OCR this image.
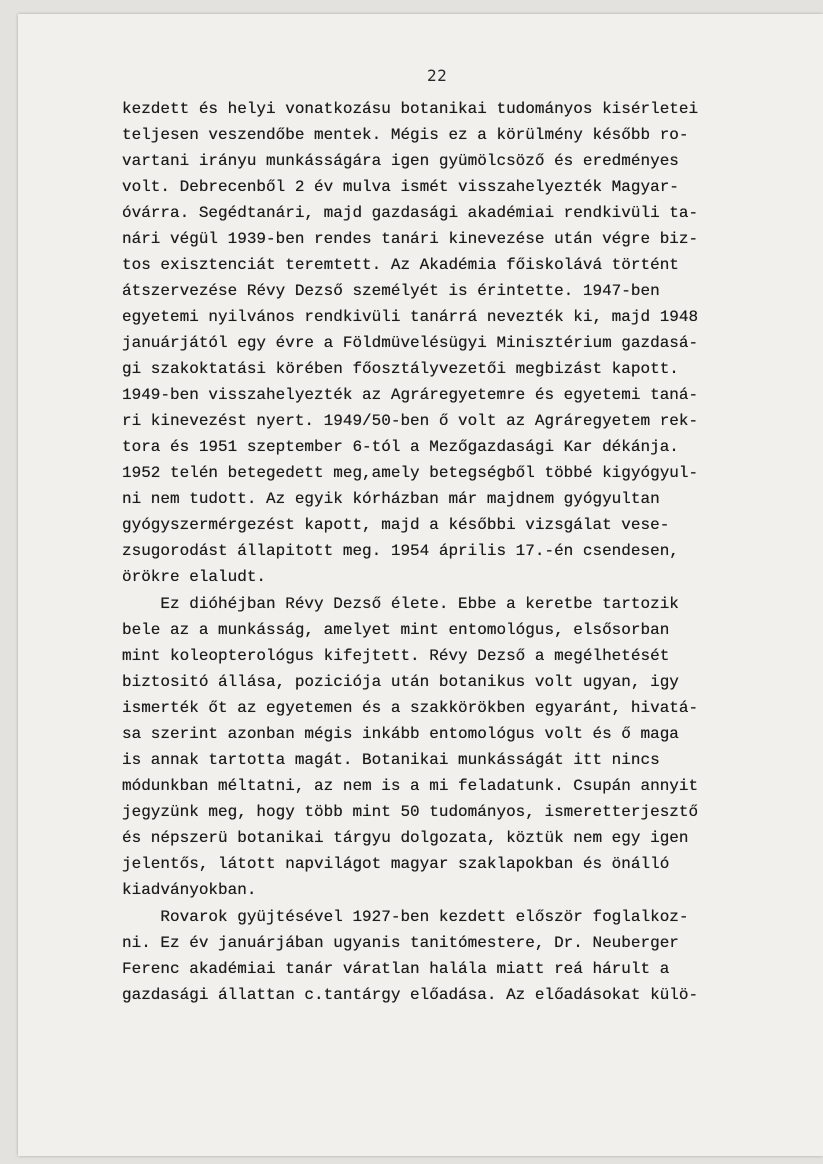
22
kezdett és helyi vonatkozásu botanikai tudományos kisérletei
teljesen veszendőbe mentek. Mégis ez a körülmény később ro-
vartani irányu munkásságára igen gyümölcsöző és eredményes
volt. Debrecenből 2 év mulva ismét visszahelyezték Magyar-
óvárra. Segédtanári, majd gazdasági akadémiai rendkivüli ta-
nári végül 1939-ben rendes tanári kinevezése után végre biz-
tos exisztenciát teremtett. Az Akadémia főiskolává történt
átszervezése Révy Dezső személyét is érintette. 1947-ben
egyetemi nyilvános rendkivüli tanárrá nevezték ki, majd 1948
januárjától egy évre a Földmüvelésügyi Minisztérium gazdasá-
gi szakoktatási körében főosztályvezetői megbizást kapott.
1949-ben visszahelyezték az Agráregyetemre és egyetemi taná-
ri kinevezést nyert. 1949/50-ben ő volt az Agráregyetem rek-
tora és 1951 szeptember 6-tól a Mezőgazdasági Kar dékánja.
1952 telén betegedett meg,amely betegségből többé kigyógyul-
ni nem tudott. Az egyik kórházban már majdnem gyógyultan
gyógyszermérgezést kapott, majd a későbbi vizsgálat vese-
zsugorodást állapitott meg. 1954 április 17.-én csendesen,
örökre elaludt.
Ez dióhéjban Révy Dezső élete. Ebbe a keretbe tartozik
bele az a munkásság, amelyet mint entomológus, elsősorban
mint koleopterológus kifejtett. Révy Dezső a megélhetését
biztositó állása, poziciója után botanikus volt ugyan, igy
ismerték őt az egyetemen és a szakkörökben egyaránt, hivatá-
sa szerint azonban mégis inkább entomológus volt és ő maga
is annak tartotta magát. Botanikai munkásságát itt nincs
módunkban méltatni, az nem is a mi feladatunk. Csupán annyit
jegyzünk meg, hogy több mint 50 tudományos, ismeretterjesztő
és népszerü botanikai tárgyu dolgozata, köztük nem egy igen
jelentős, látott napvilágot magyar szaklapokban és önálló
kiadványokban.
Rovarok gyüjtésével 1927-ben kezdett először foglalkoz-
ni. Ez év januárjában ugyanis tanitómestere, Dr. Neuberger
Ferenc akadémiai tanár váratlan halála miatt reá hárult a
gazdasági állattan c.tantárgy előadása. Az előadásokat külö-
